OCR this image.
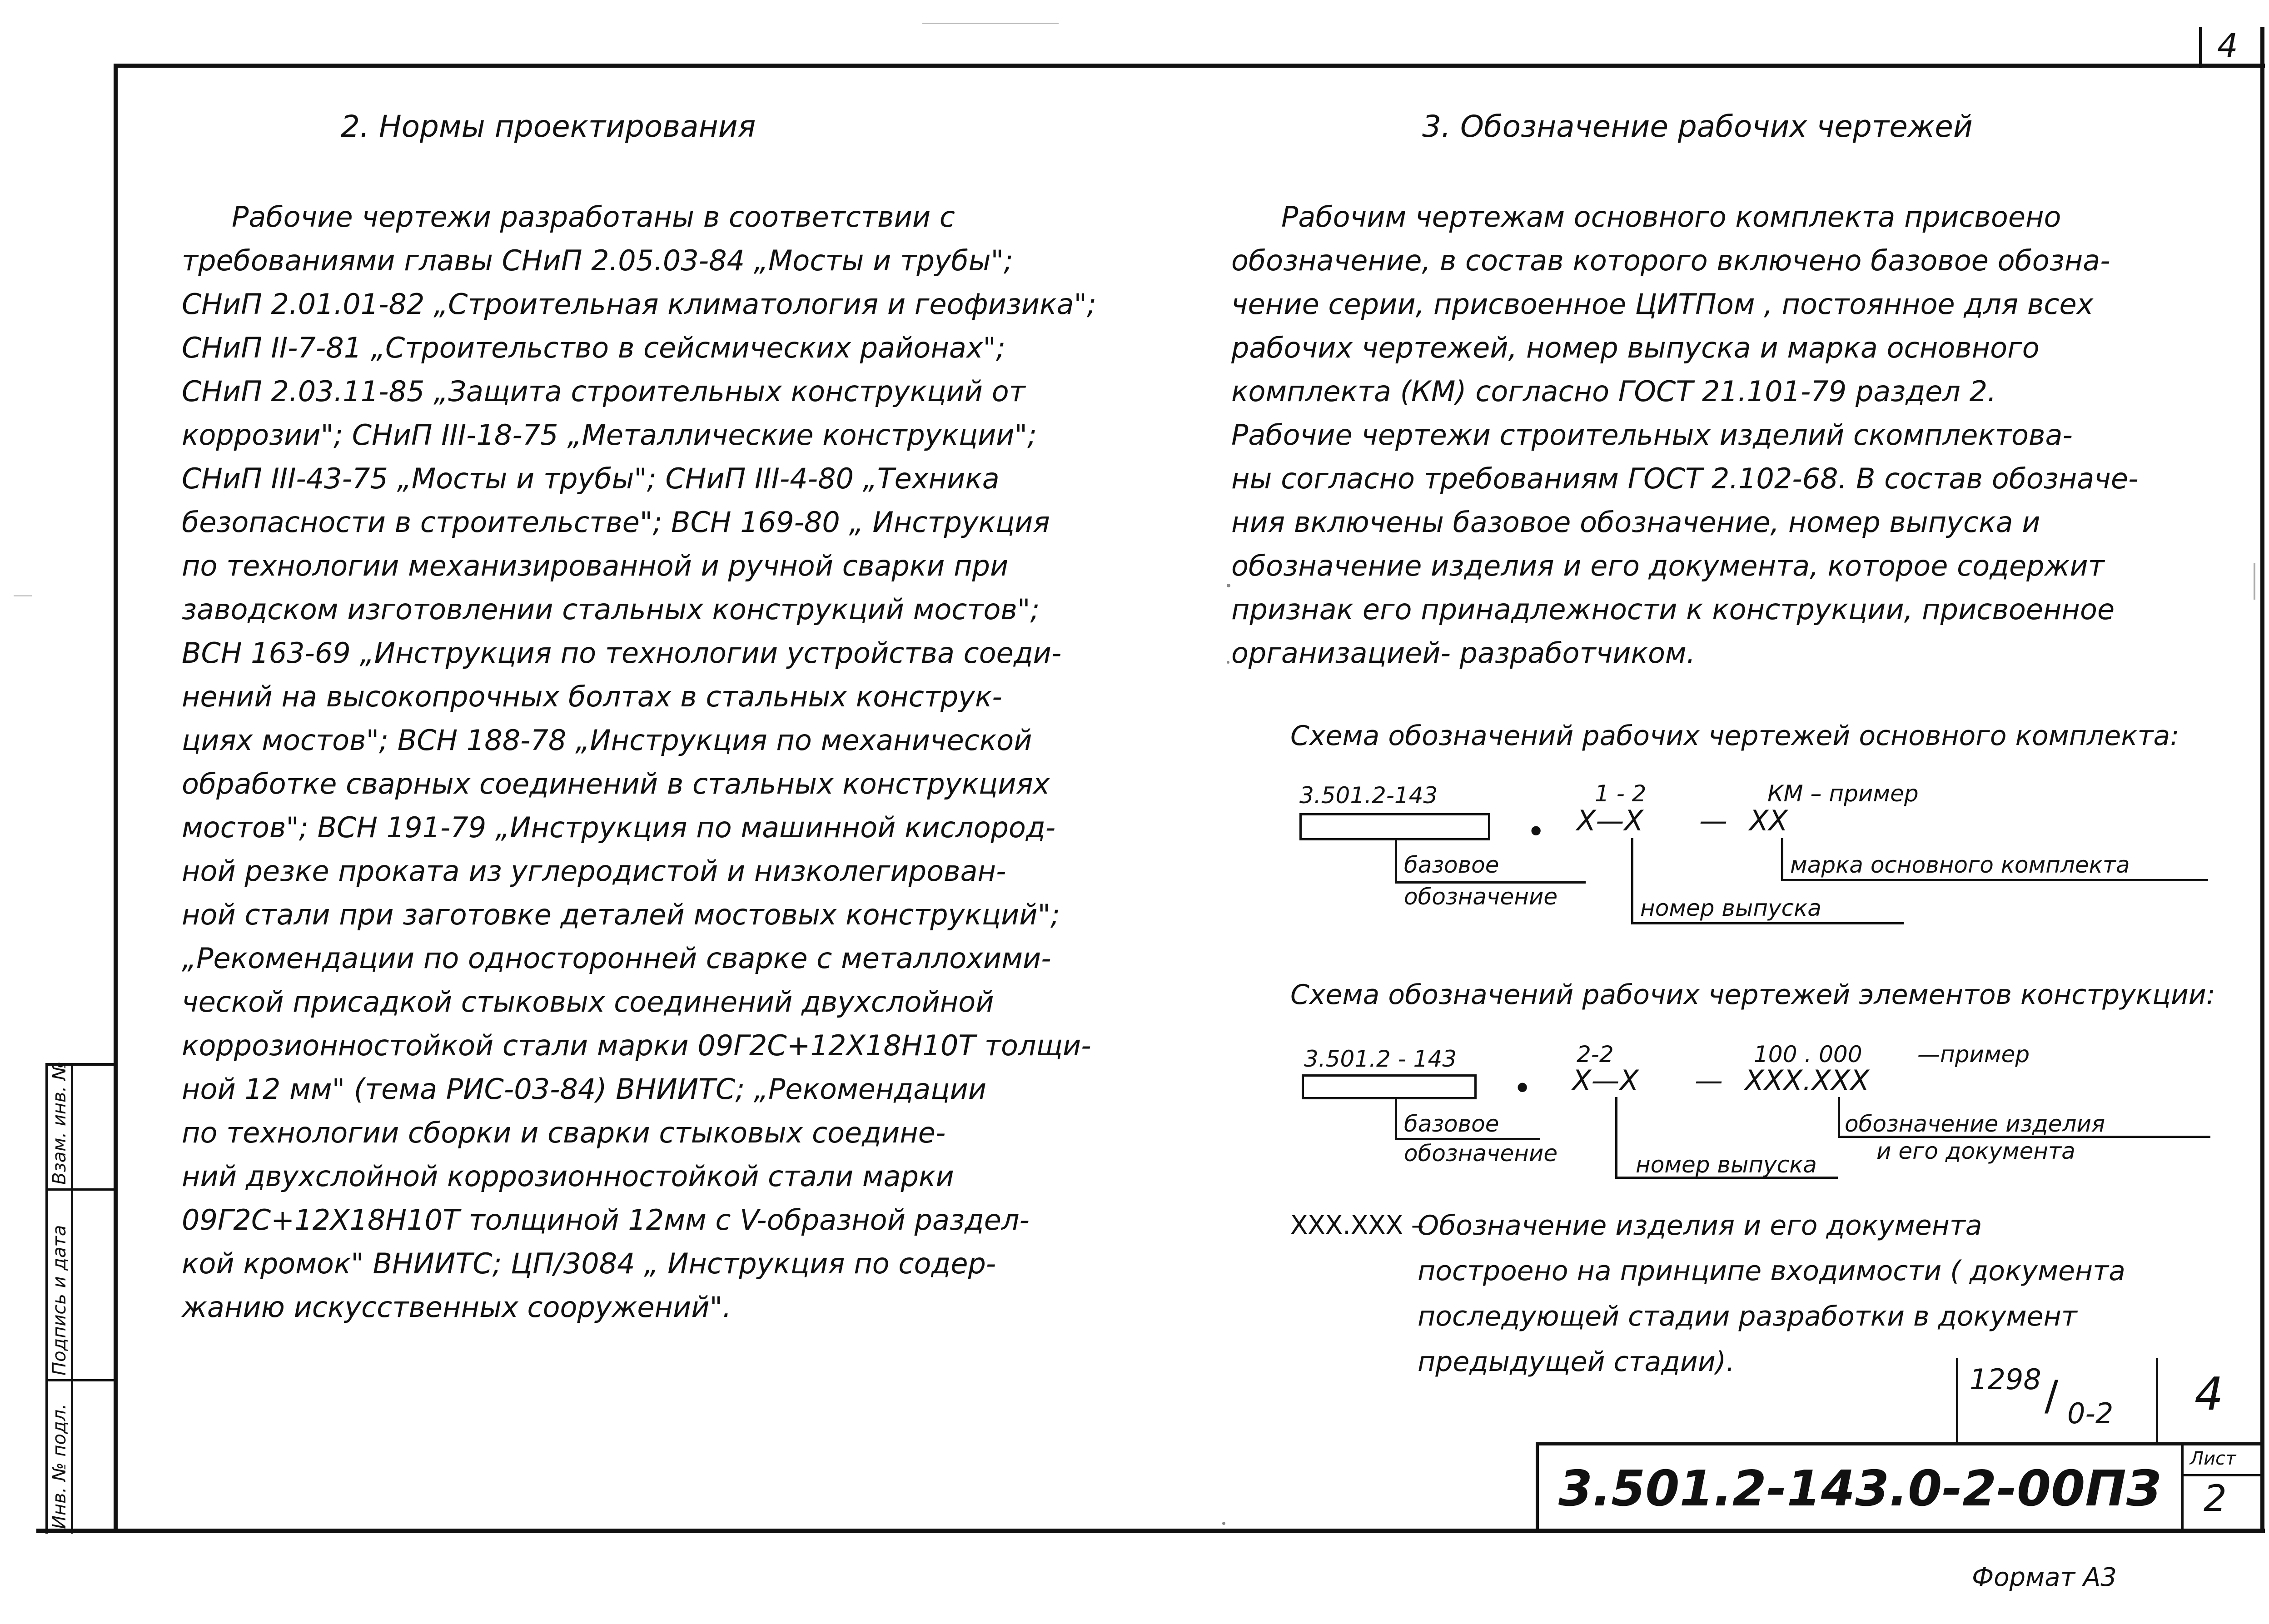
4
Взам. инв. №
Подпись и дата
Инв. № подл.
2. Нормы проектирования
Рабочие чертежи разработаны в соответствии с
требованиями главы СНиП 2.05.03-84 „Мосты и трубы";
СНиП 2.01.01-82 „Строительная климатология и геофизика";
СНиП II-7-81 „Строительство в сейсмических районах";
СНиП 2.03.11-85 „Защита строительных конструкций от
коррозии"; СНиП III-18-75 „Металлические конструкции";
СНиП III-43-75 „Мосты и трубы"; СНиП III-4-80 „Техника
безопасности в строительстве"; ВСН 169-80 „ Инструкция
по технологии механизированной и ручной сварки при
заводском изготовлении стальных конструкций мостов";
ВСН 163-69 „Инструкция по технологии устройства соеди-
нений на высокопрочных болтах в стальных конструк-
циях мостов"; ВСН 188-78 „Инструкция по механической
обработке сварных соединений в стальных конструкциях
мостов"; ВСН 191-79 „Инструкция по машинной кислород-
ной резке проката из углеродистой и низколегирован-
ной стали при заготовке деталей мостовых конструкций";
„Рекомендации по односторонней сварке с металлохими-
ческой присадкой стыковых соединений двухслойной
коррозионностойкой стали марки 09Г2С+12Х18Н10Т толщи-
ной 12 мм" (тема РИС-03-84) ВНИИТС; „Рекомендации
по технологии сборки и сварки стыковых соедине-
ний двухслойной коррозионностойкой стали марки
09Г2С+12Х18Н10Т толщиной 12мм с V-образной раздел-
кой кромок" ВНИИТС; ЦП/3084 „ Инструкция по содер-
жанию искусственных сооружений".
3. Обозначение рабочих чертежей
Рабочим чертежам основного комплекта присвоено
обозначение, в состав которого включено базовое обозна-
чение серии, присвоенное ЦИТПом , постоянное для всех
рабочих чертежей, номер выпуска и марка основного
комплекта (КМ) согласно ГОСТ 21.101-79 раздел 2.
Рабочие чертежи строительных изделий скомплектова-
ны согласно требованиям ГОСТ 2.102-68. В состав обозначе-
ния включены базовое обозначение, номер выпуска и
обозначение изделия и его документа, которое содержит
признак его принадлежности к конструкции, присвоенное
организацией- разработчиком.
Схема обозначений рабочих чертежей основного комплекта:
3.501.2-143
•
1 - 2
Х—Х —
КМ – пример
ХХ
базовое
обозначение	номер выпуска
марка основного комплекта
Схема обозначений рабочих чертежей элементов конструкции:
3.501.2 - 143
•
2-2
Х—Х —
100 . 000 —пример
ХХХ.ХХХ
базовое
обозначение	номер выпуска
обозначение изделия
и его документа
ХХХ.ХХХ –
Обозначение изделия и его документа
построено на принципе входимости ( документа
последующей стадии разработки в документ
предыдущей стадии).
1298 / 0-2 4
3.501.2-143.0-2-00ПЗ
Лист
2
Формат А3
